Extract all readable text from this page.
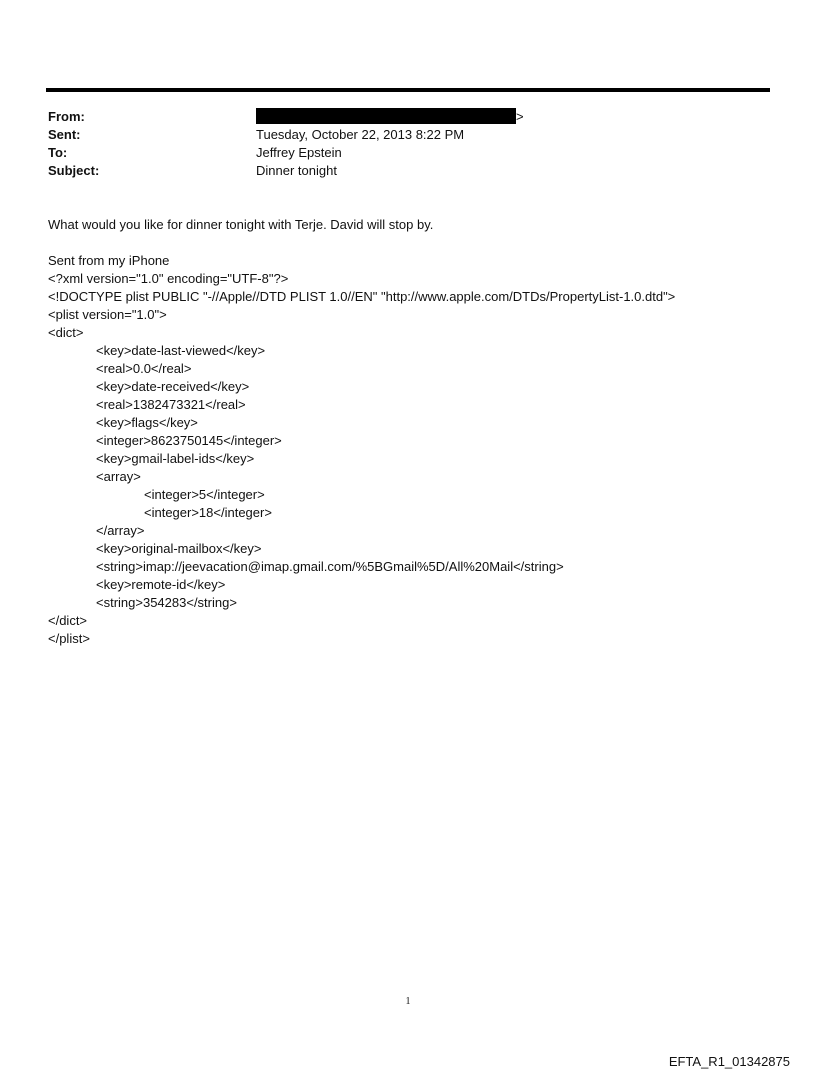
From:	>
Sent:	Tuesday, October 22, 2013 8:22 PM
To:	Jeffrey Epstein
Subject:	Dinner tonight
What would you like for dinner tonight with Terje. David will stop by.
Sent from my iPhone
<?xml version="1.0" encoding="UTF-8"?>
<!DOCTYPE plist PUBLIC "-//Apple//DTD PLIST 1.0//EN" "http://www.apple.com/DTDs/PropertyList-1.0.dtd">
<plist version="1.0">
<dict>
<key>date-last-viewed</key>
<real>0.0</real>
<key>date-received</key>
<real>1382473321</real>
<key>flags</key>
<integer>8623750145</integer>
<key>gmail-label-ids</key>
<array>
<integer>5</integer>
<integer>18</integer>
</array>
<key>original-mailbox</key>
<string>imap://jeevacation@imap.gmail.com/%5BGmail%5D/All%20Mail</string>
<key>remote-id</key>
<string>354283</string>
</dict>
</plist>
1
EFTA_R1_01342875
